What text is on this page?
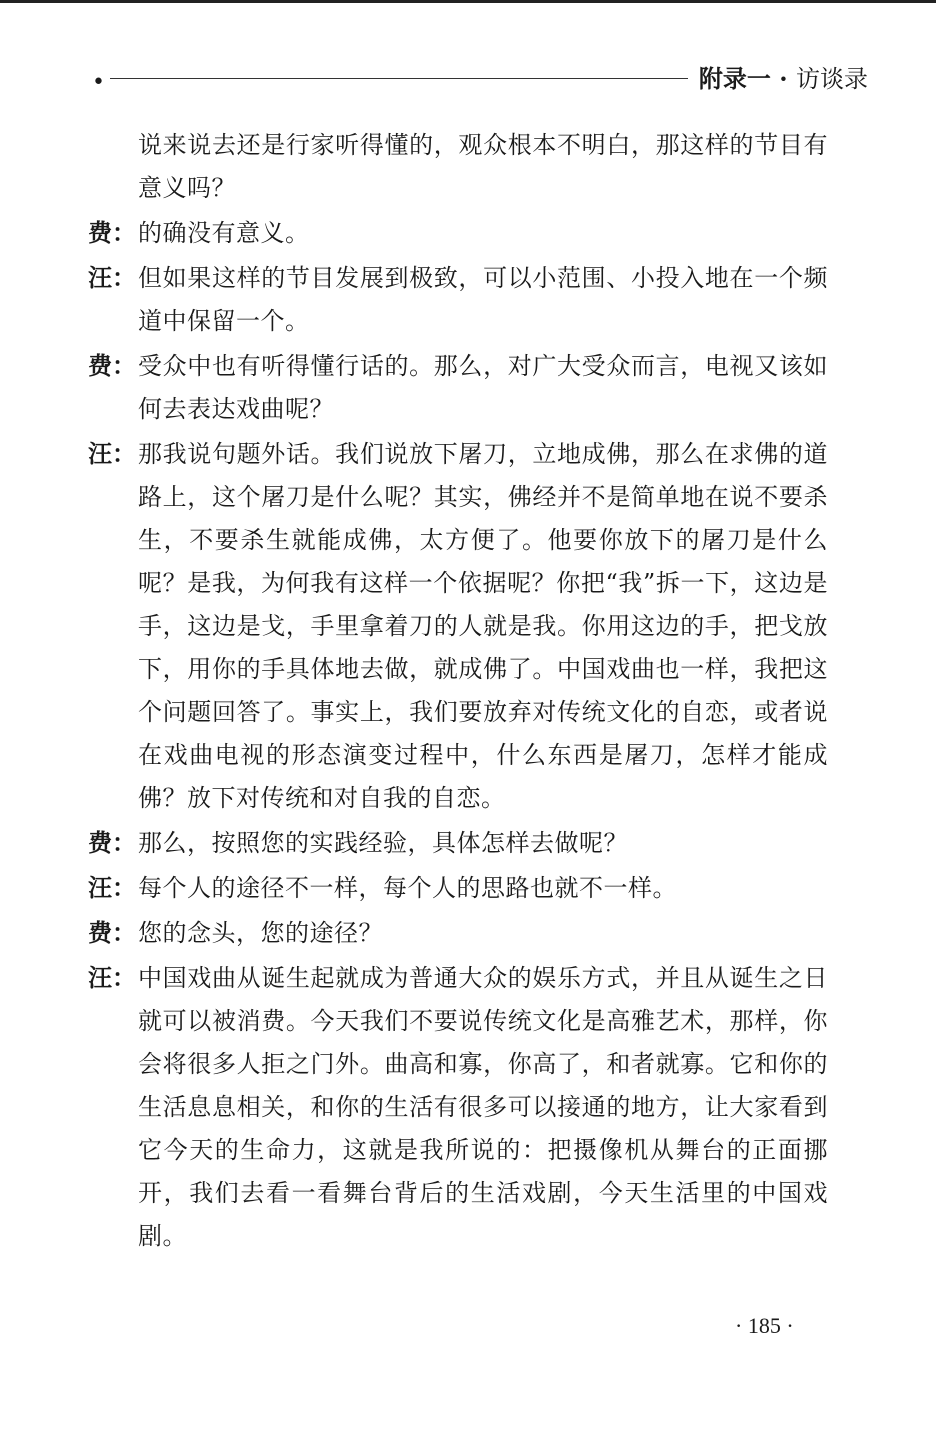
•	附录一 · 访谈录
说来说去还是行家听得懂的，观众根本不明白，那这样的节目有意义吗？
费： 的确没有意义。
汪： 但如果这样的节目发展到极致，可以小范围、小投入地在一个频道中保留一个。
费： 受众中也有听得懂行话的。那么，对广大受众而言，电视又该如何去表达戏曲呢？
汪： 那我说句题外话。我们说放下屠刀，立地成佛，那么在求佛的道路上，这个屠刀是什么呢？其实，佛经并不是简单地在说不要杀生，不要杀生就能成佛，太方便了。他要你放下的屠刀是什么呢？是我，为何我有这样一个依据呢？你把“我”拆一下，这边是手，这边是戈，手里拿着刀的人就是我。你用这边的手，把戈放下，用你的手具体地去做，就成佛了。中国戏曲也一样，我把这个问题回答了。事实上，我们要放弃对传统文化的自恋，或者说在戏曲电视的形态演变过程中，什么东西是屠刀，怎样才能成佛？放下对传统和对自我的自恋。
费： 那么，按照您的实践经验，具体怎样去做呢？
汪： 每个人的途径不一样，每个人的思路也就不一样。
费： 您的念头，您的途径？
汪： 中国戏曲从诞生起就成为普通大众的娱乐方式，并且从诞生之日就可以被消费。今天我们不要说传统文化是高雅艺术，那样，你会将很多人拒之门外。曲高和寡，你高了，和者就寡。它和你的生活息息相关，和你的生活有很多可以接通的地方，让大家看到它今天的生命力，这就是我所说的：把摄像机从舞台的正面挪开，我们去看一看舞台背后的生活戏剧，今天生活里的中国戏剧。
· 185 ·
